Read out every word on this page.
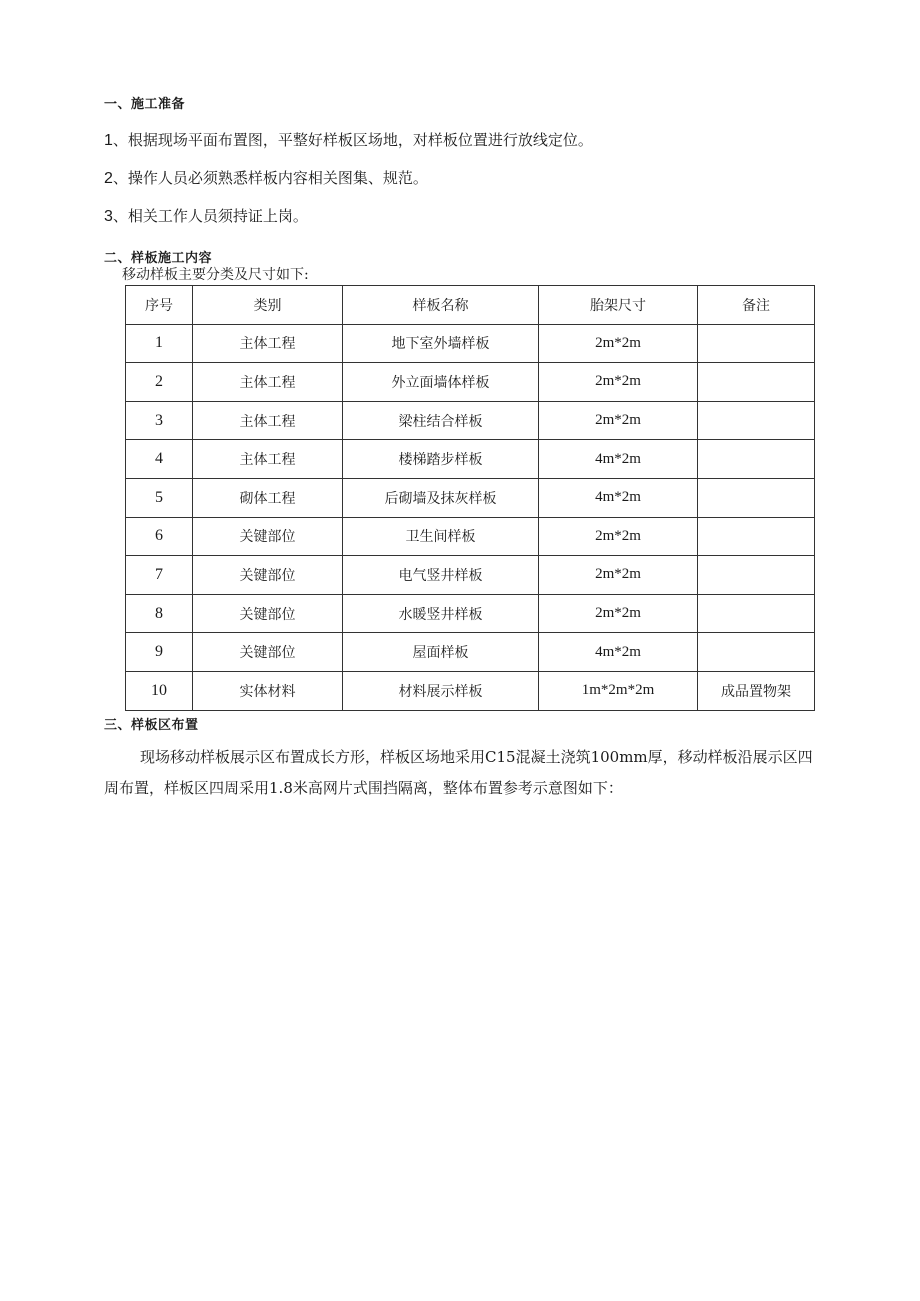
一、施工准备
1、根据现场平面布置图，平整好样板区场地，对样板位置进行放线定位。
2、操作人员必须熟悉样板内容相关图集、规范。
3、相关工作人员须持证上岗。
二、样板施工内容
移动样板主要分类及尺寸如下:
序号	类别	样板名称	胎架尺寸	备注
1	主体工程	地下室外墙样板	2m*2m	
2	主体工程	外立面墙体样板	2m*2m	
3	主体工程	梁柱结合样板	2m*2m	
4	主体工程	楼梯踏步样板	4m*2m	
5	砌体工程	后砌墙及抹灰样板	4m*2m	
6	关键部位	卫生间样板	2m*2m	
7	关键部位	电气竖井样板	2m*2m	
8	关键部位	水暖竖井样板	2m*2m	
9	关键部位	屋面样板	4m*2m	
10	实体材料	材料展示样板	1m*2m*2m	成品置物架
三、样板区布置
现场移动样板展示区布置成长方形，样板区场地采用C15混凝土浇筑100mm厚，移动样板沿展示区四周布置，样板区四周采用1.8米高网片式围挡隔离，整体布置参考示意图如下：
